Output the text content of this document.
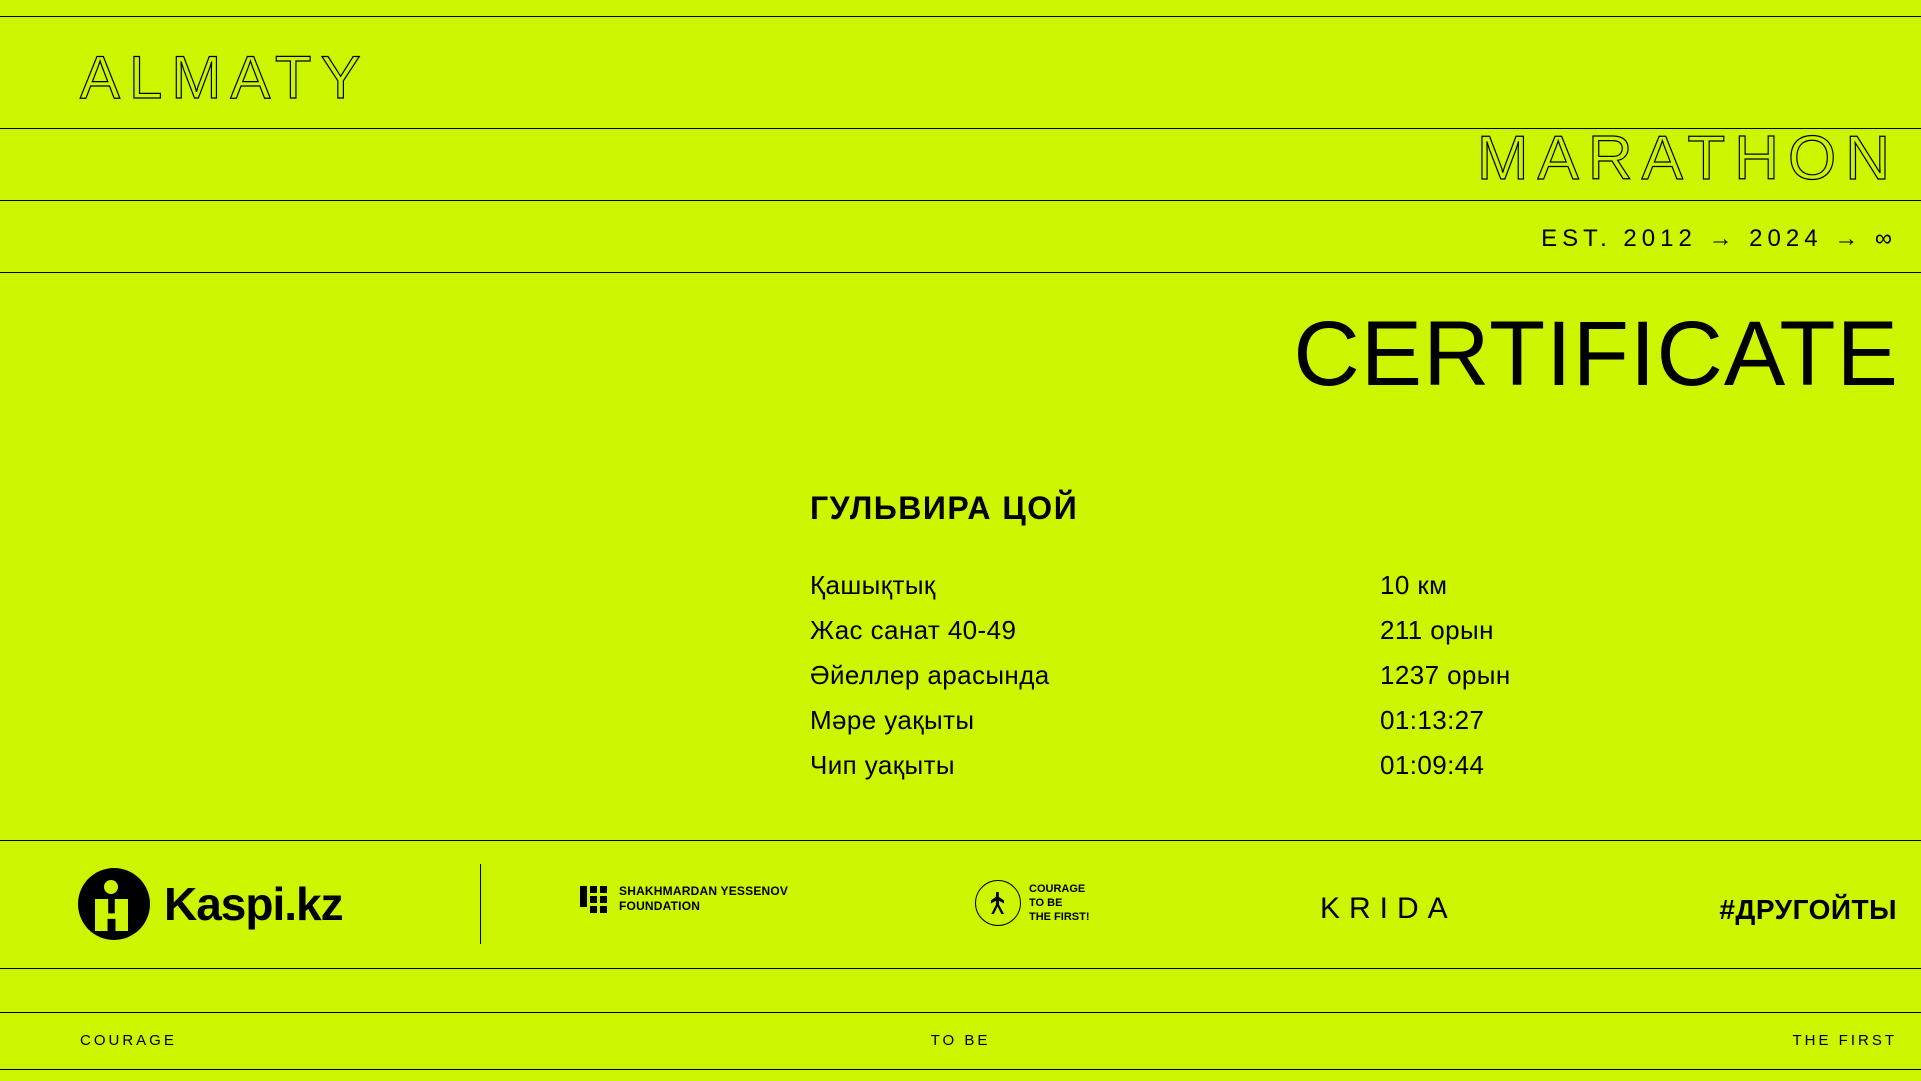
ALMATY
MARATHON
EST. 2012 → 2024 → ∞
CERTIFICATE
ГУЛЬВИРА ЦОЙ
Қашықтық	10 км
Жас санат 40-49	211 орын
Әйеллер арасында	1237 орын
Мәре уақыты	01:13:27
Чип уақыты	01:09:44
Kaspi.kz	SHAKHMARDAN YESSENOV
FOUNDATION
COURAGE
TO BE
THE FIRST!	KRIDA	#ДРУГОЙТЫ
COURAGE	TO BE	THE FIRST
